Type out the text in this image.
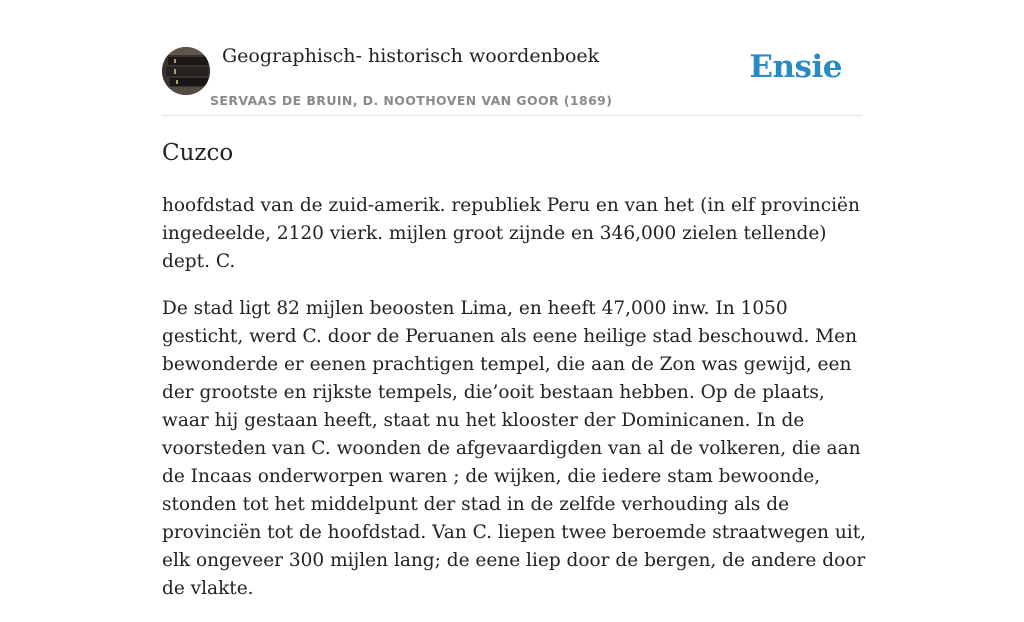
Geographisch- historisch woordenboek
SERVAAS DE BRUIN, D. NOOTHOVEN VAN GOOR (1869)
Ensie
Cuzco

hoofdstad van de zuid-amerik. republiek Peru en van het (in elf provinciën ingedeelde, 2120 vierk. mijlen groot zijnde en 346,000 zielen tellende) dept. C.

De stad ligt 82 mijlen beoosten Lima, en heeft 47,000 inw. In 1050 gesticht, werd C. door de Peruanen als eene heilige stad beschouwd. Men bewonderde er eenen prachtigen tempel, die aan de Zon was gewijd, een der grootste en rijkste tempels, die’ooit bestaan hebben. Op de plaats, waar hij gestaan heeft, staat nu het klooster der Dominicanen. In de voorsteden van C. woonden de afgevaardigden van al de volkeren, die aan de Incaas onderworpen waren ; de wijken, die iedere stam bewoonde, stonden tot het middelpunt der stad in de zelfde verhouding als de provinciën tot de hoofdstad. Van C. liepen twee beroemde straatwegen uit, elk ongeveer 300 mijlen lang; de eene liep door de bergen, de andere door de vlakte.
